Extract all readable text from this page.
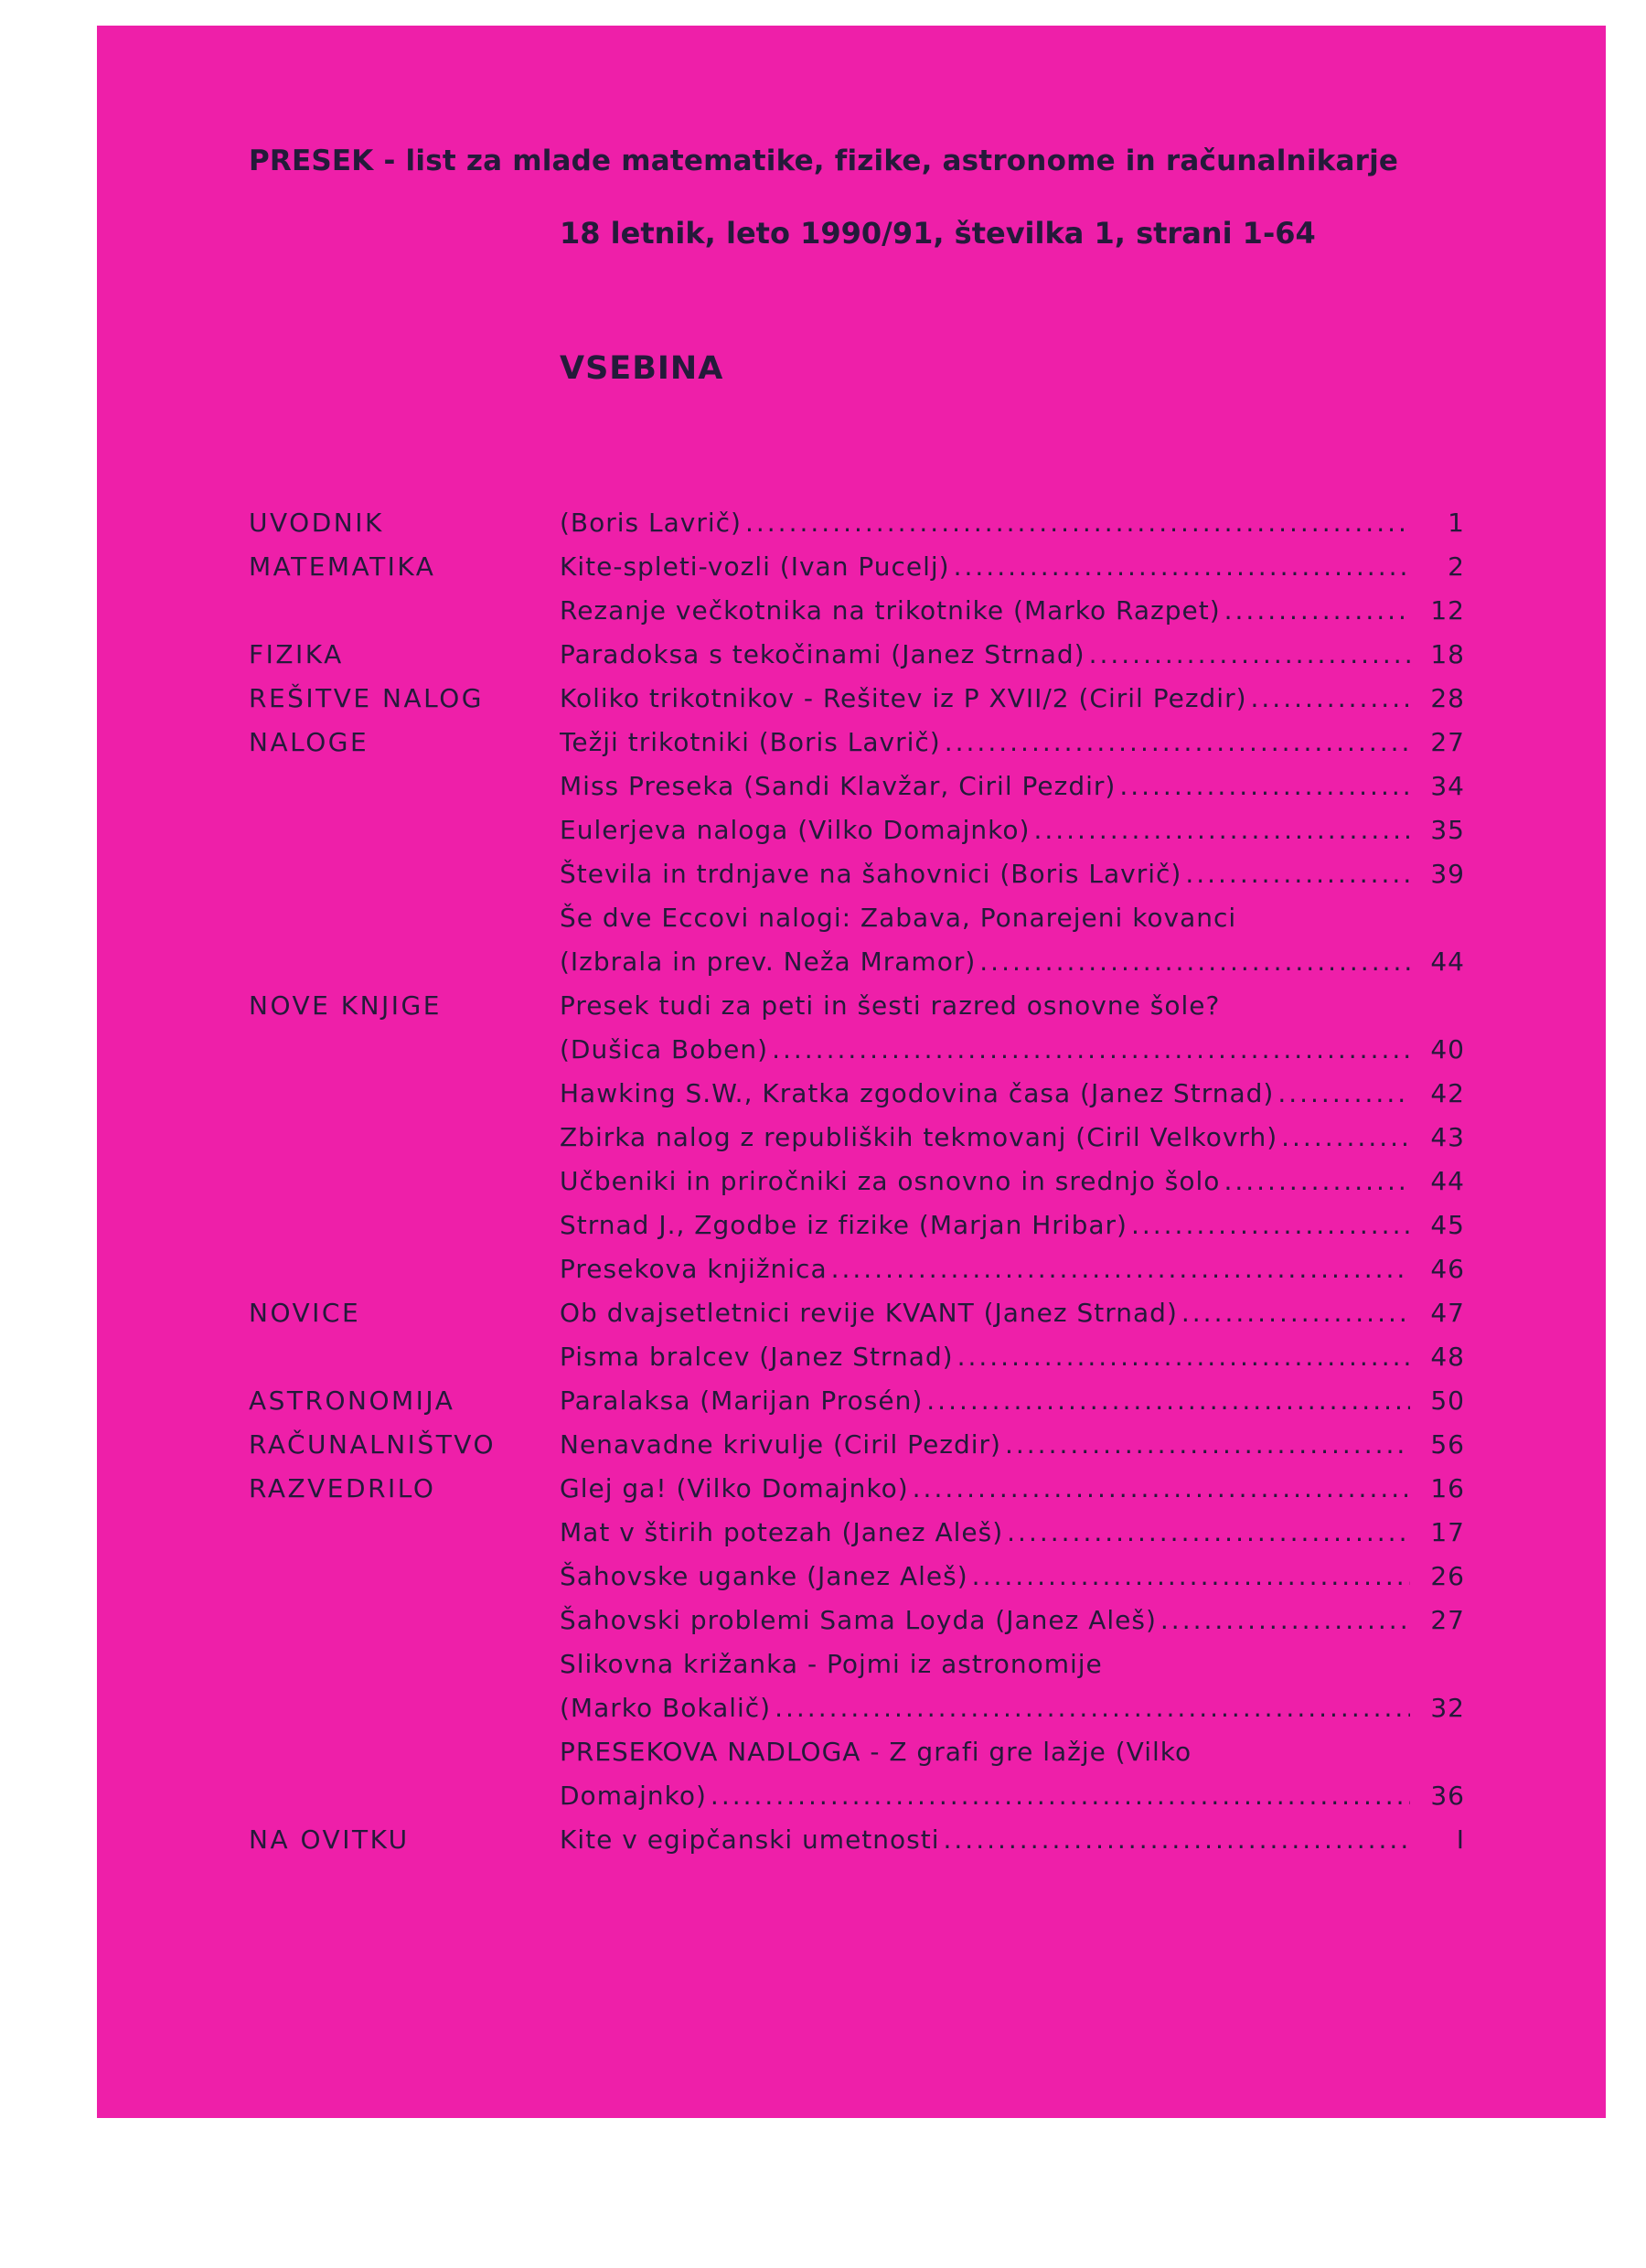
PRESEK - list za mlade matematike, fizike, astronome in računalnikarje
18 letnik, leto 1990/91, številka 1, strani 1-64
VSEBINA
UVODNIK	(Boris Lavrič) .....	1
MATEMATIKA	Kite-spleti-vozli (Ivan Pucelj) .....	2
Rezanje večkotnika na trikotnike (Marko Razpet) .....	12
FIZIKA	Paradoksa s tekočinami (Janez Strnad) .....	18
REŠITVE NALOG	Koliko trikotnikov - Rešitev iz P XVII/2 (Ciril Pezdir) .....	28
NALOGE	Težji trikotniki (Boris Lavrič) .....	27
Miss Preseka (Sandi Klavžar, Ciril Pezdir) .....	34
Eulerjeva naloga (Vilko Domajnko) .....	35
Števila in trdnjave na šahovnici (Boris Lavrič) .....	39
Še dve Eccovi nalogi: Zabava, Ponarejeni kovanci
(Izbrala in prev. Neža Mramor) .....	44
NOVE KNJIGE	Presek tudi za peti in šesti razred osnovne šole?
(Dušica Boben) .....	40
Hawking S.W., Kratka zgodovina časa (Janez Strnad) .....	42
Zbirka nalog z republiških tekmovanj (Ciril Velkovrh) .....	43
Učbeniki in priročniki za osnovno in srednjo šolo .....	44
Strnad J., Zgodbe iz fizike (Marjan Hribar) .....	45
Presekova knjižnica .....	46
NOVICE	Ob dvajsetletnici revije KVANT (Janez Strnad) .....	47
Pisma bralcev (Janez Strnad) .....	48
ASTRONOMIJA	Paralaksa (Marijan Prosén) .....	50
RAČUNALNIŠTVO	Nenavadne krivulje (Ciril Pezdir) .....	56
RAZVEDRILO	Glej ga! (Vilko Domajnko) .....	16
Mat v štirih potezah (Janez Aleš) .....	17
Šahovske uganke (Janez Aleš) .....	26
Šahovski problemi Sama Loyda (Janez Aleš) .....	27
Slikovna križanka - Pojmi iz astronomije
(Marko Bokalič) .....	32
PRESEKOVA NADLOGA - Z grafi gre lažje (Vilko
Domajnko) .....	36
NA OVITKU	Kite v egipčanski umetnosti .....	I
